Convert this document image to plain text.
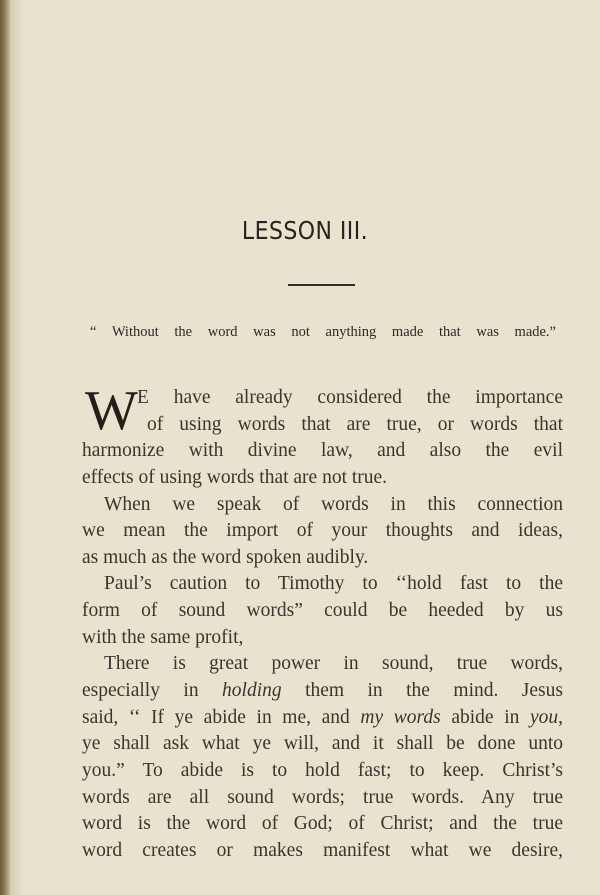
LESSON III.
“ Without the word was not anything made that was made.”
W E have already considered the importance
of using words that are true, or words that
harmonize with divine law, and also the evil
effects of using words that are not true.
When we speak of words in this connection
we mean the import of your thoughts and ideas,
as much as the word spoken audibly.
Paul’s caution to Timothy to ‘‘hold fast to the
form of sound words” could be heeded by us
with the same profit,
There is great power in sound, true words,
especially in holding them in the mind. Jesus
said, ‘‘ If ye abide in me, and my words abide in you,
ye shall ask what ye will, and it shall be done unto
you.” To abide is to hold fast; to keep. Christ’s
words are all sound words; true words. Any true
word is the word of God; of Christ; and the true
word creates or makes manifest what we desire,
